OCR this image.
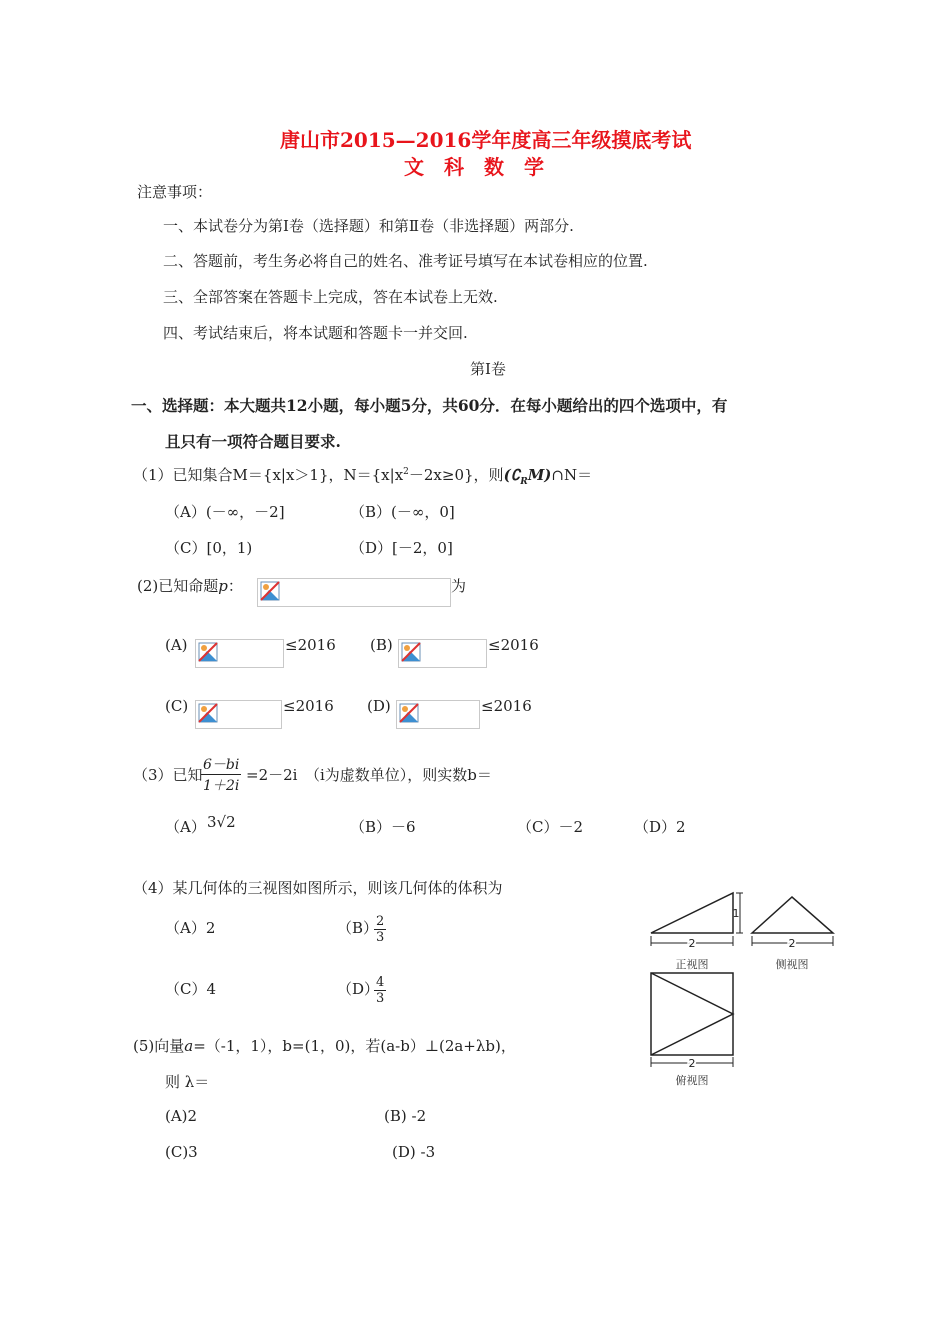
唐山市2015—2016学年度高三年级摸底考试
文　科　数　学
注意事项：
一、本试卷分为第Ⅰ卷（选择题）和第Ⅱ卷（非选择题）两部分.
二、答题前，考生务必将自己的姓名、准考证号填写在本试卷相应的位置.
三、全部答案在答题卡上完成，答在本试卷上无效.
四、考试结束后，将本试题和答题卡一并交回.
第Ⅰ卷
一、选择题：本大题共12小题，每小题5分，共60分．在每小题给出的四个选项中，有
且只有一项符合题目要求.
（1）已知集合M＝{x|x＞1}，$N=\{x|x^2-2x\ge 0\}$，则$(∁_RM)\cap N=$
（A）(－∞，－2]	（B）(－∞，0]
（C）[0，1)	（D）[－2，0]
(2)已知命题p：	为
(A)	≤2016 (B)	≤2016
(C)	≤2016 (D)	≤2016
（3）已知
$\frac{6-bi}{1+2i} =2-2i$ （i为虚数单位），则实数b＝
（A） 3√2	（B）－6	（C）－2	（D）2
（4）某几何体的三视图如图所示，则该几何体的体积为
（A）2	（B）
$\frac{2}{3}$
（C）4	（D）
$\frac{4}{3}$
2
1
正视图
2
侧视图
2
俯视图
(5)向量a=（-1，1），b=(1，0)，若(a-b）⊥(2a+λb)，
则 λ＝
(A)2	(B) -2
(C)3	(D) -3
